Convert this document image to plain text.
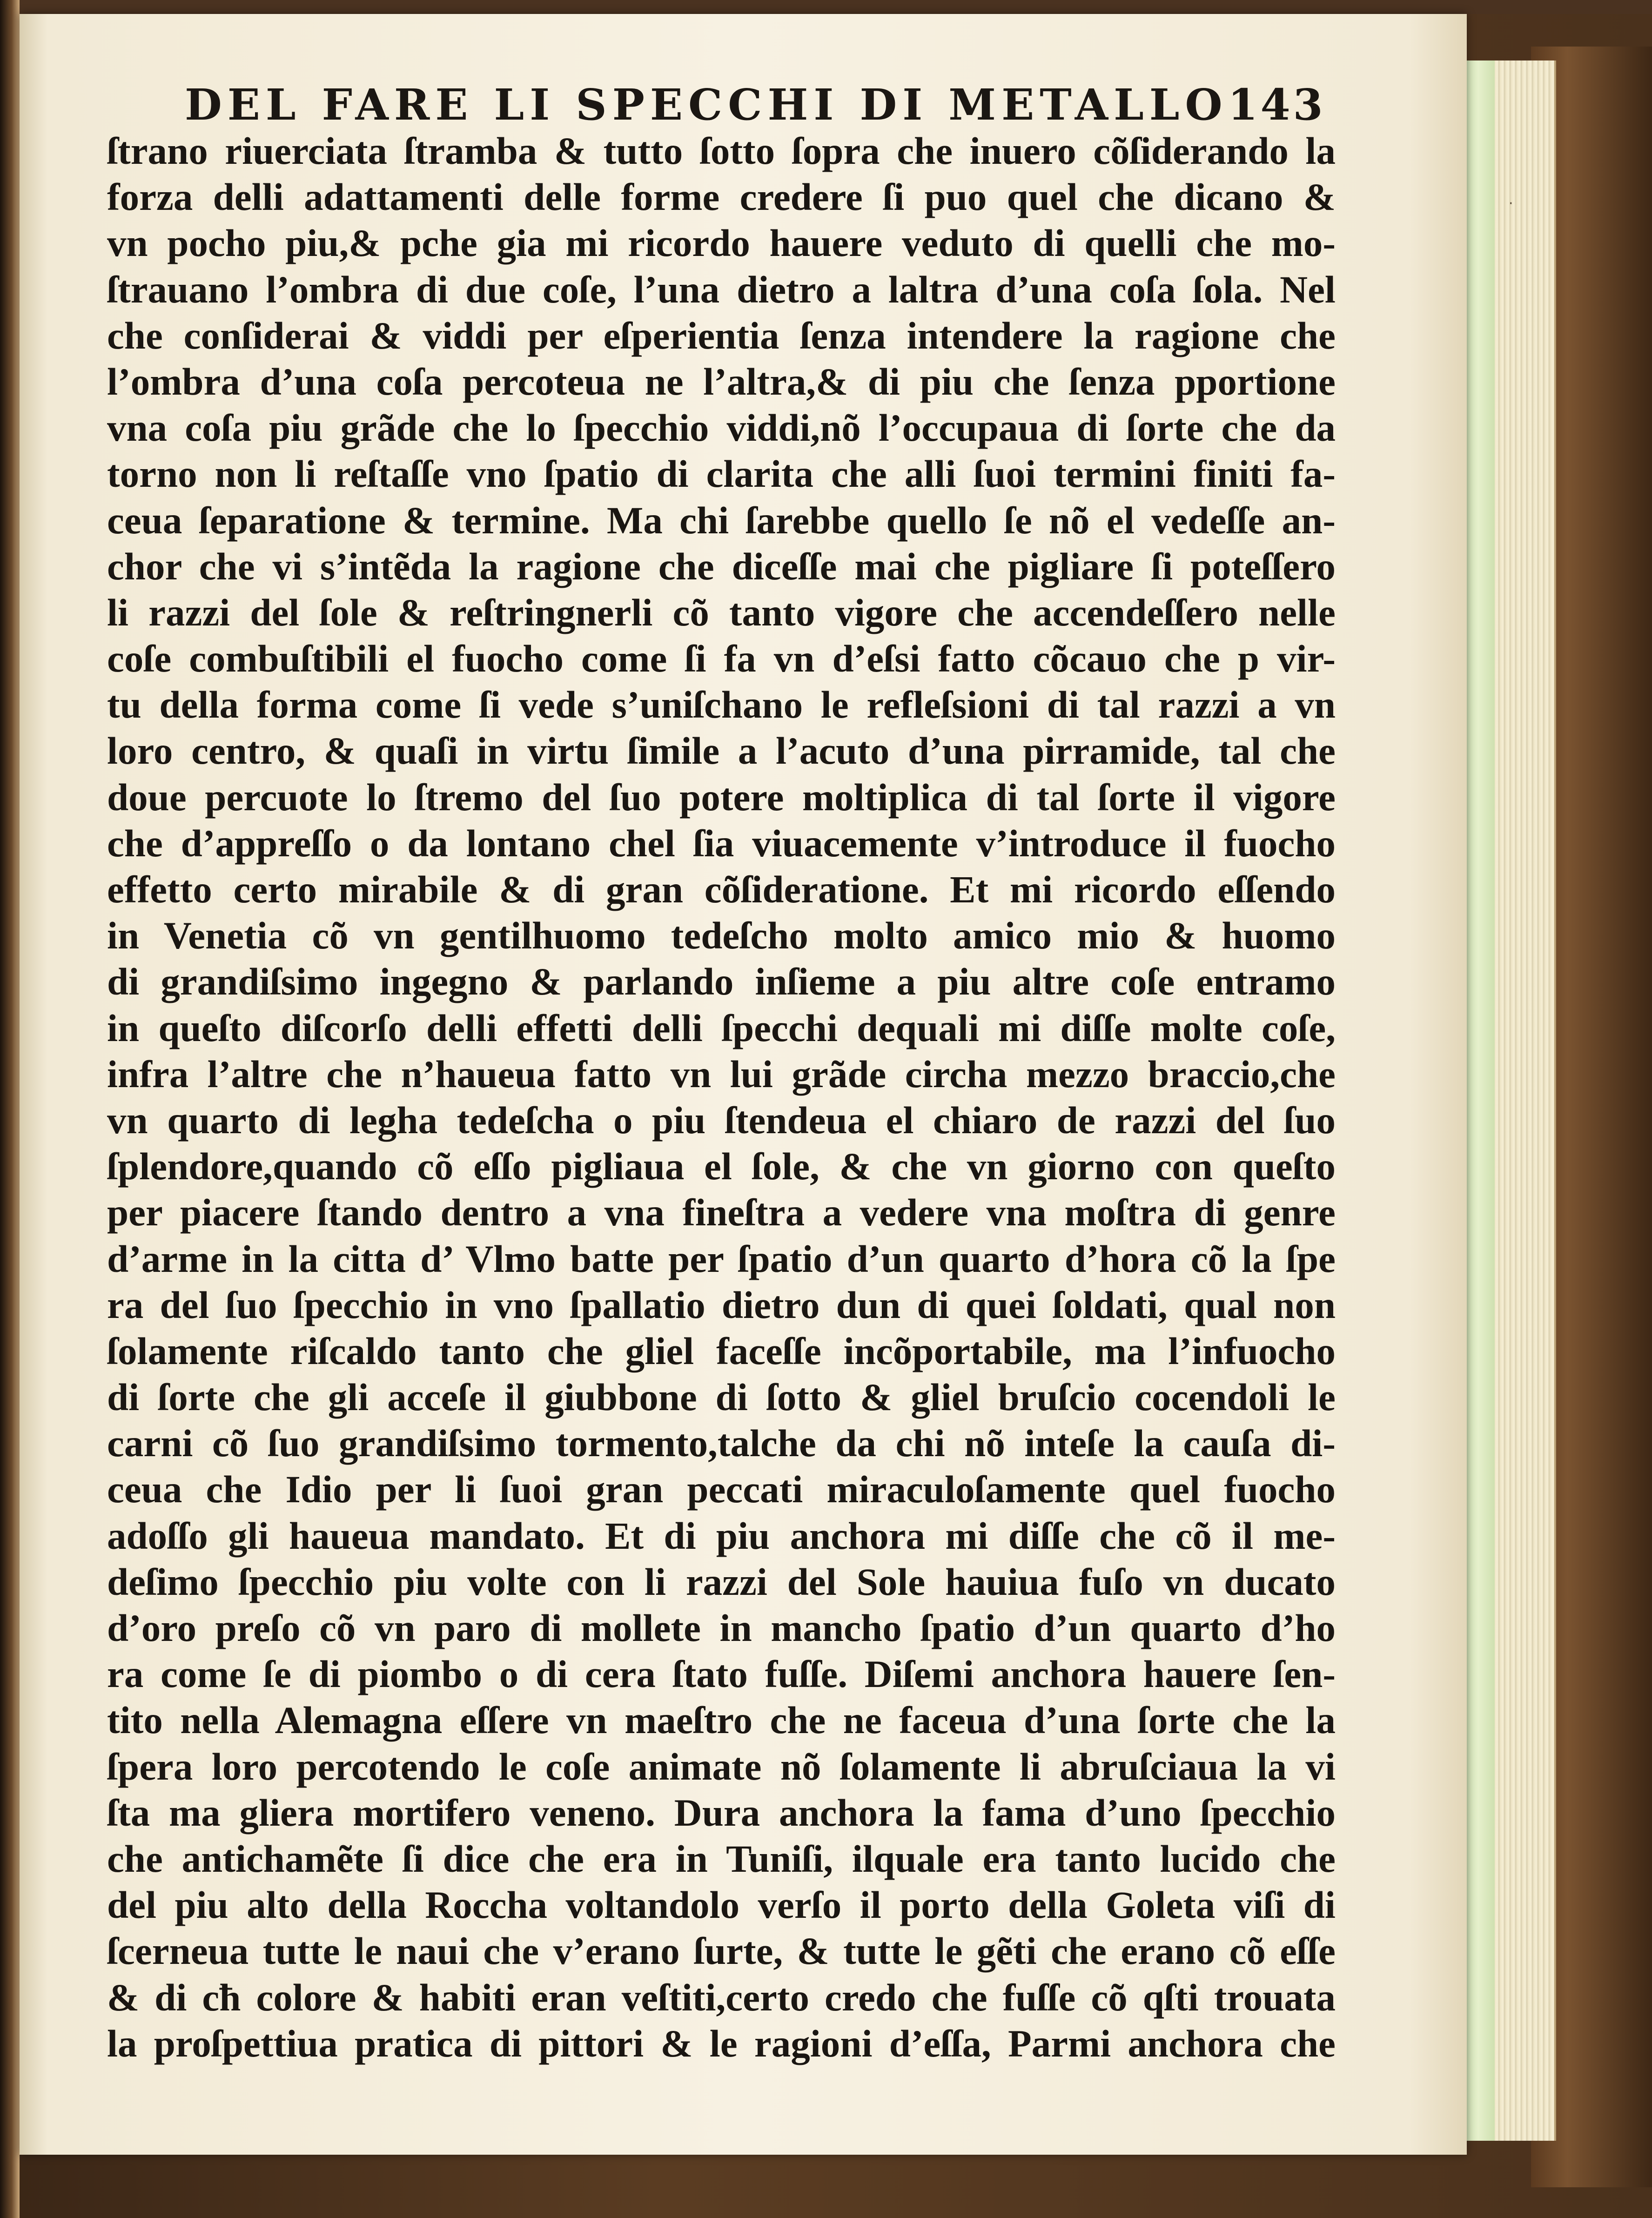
DEL FARE LI SPECCHI DI METALLO 143
ſtrano riuerciata ſtramba & tutto ſotto ſopra che inuero cõſiderando la
forza delli adattamenti delle forme credere ſi puo quel che dicano &
vn pocho piu,& pche gia mi ricordo hauere veduto di quelli che mo-
ſtrauano l’ombra di due coſe, l’una dietro a laltra d’una coſa ſola. Nel
che conſiderai & viddi per eſperientia ſenza intendere la ragione che
l’ombra d’una coſa percoteua ne l’altra,& di piu che ſenza pportione
vna coſa piu grãde che lo ſpecchio viddi,nõ l’occupaua di ſorte che da
torno non li reſtaſſe vno ſpatio di clarita che alli ſuoi termini finiti fa-
ceua ſeparatione & termine. Ma chi ſarebbe quello ſe nõ el vedeſſe an-
chor che vi s’intẽda la ragione che diceſſe mai che pigliare ſi poteſſero
li razzi del ſole & reſtringnerli cõ tanto vigore che accendeſſero nelle
coſe combuſtibili el fuocho come ſi fa vn d’eſsi fatto cõcauo che p vir-
tu della forma come ſi vede s’uniſchano le refleſsioni di tal razzi a vn
loro centro, & quaſi in virtu ſimile a l’acuto d’una pirramide, tal che
doue percuote lo ſtremo del ſuo potere moltiplica di tal ſorte il vigore
che d’appreſſo o da lontano chel ſia viuacemente v’introduce il fuocho
effetto certo mirabile & di gran cõſideratione. Et mi ricordo eſſendo
in Venetia cõ vn gentilhuomo tedeſcho molto amico mio & huomo
di grandiſsimo ingegno & parlando inſieme a piu altre coſe entramo
in queſto diſcorſo delli effetti delli ſpecchi dequali mi diſſe molte coſe,
infra l’altre che n’haueua fatto vn lui grãde circha mezzo braccio,che
vn quarto di legha tedeſcha o piu ſtendeua el chiaro de razzi del ſuo
ſplendore,quando cõ eſſo pigliaua el ſole, & che vn giorno con queſto
per piacere ſtando dentro a vna fineſtra a vedere vna moſtra di genre
d’arme in la citta d’ Vlmo batte per ſpatio d’un quarto d’hora cõ la ſpe
ra del ſuo ſpecchio in vno ſpallatio dietro dun di quei ſoldati, qual non
ſolamente riſcaldo tanto che gliel faceſſe incõportabile, ma l’infuocho
di ſorte che gli acceſe il giubbone di ſotto & gliel bruſcio cocendoli le
carni cõ ſuo grandiſsimo tormento,talche da chi nõ inteſe la cauſa di-
ceua che Idio per li ſuoi gran peccati miraculoſamente quel fuocho
adoſſo gli haueua mandato. Et di piu anchora mi diſſe che cõ il me-
deſimo ſpecchio piu volte con li razzi del Sole hauiua fuſo vn ducato
d’oro preſo cõ vn paro di mollete in mancho ſpatio d’un quarto d’ho
ra come ſe di piombo o di cera ſtato fuſſe. Diſemi anchora hauere ſen-
tito nella Alemagna eſſere vn maeſtro che ne faceua d’una ſorte che la
ſpera loro percotendo le coſe animate nõ ſolamente li abruſciaua la vi
ſta ma gliera mortifero veneno. Dura anchora la fama d’uno ſpecchio
che antichamẽte ſi dice che era in Tuniſi, ilquale era tanto lucido che
del piu alto della Roccha voltandolo verſo il porto della Goleta viſi di
ſcerneua tutte le naui che v’erano ſurte, & tutte le gẽti che erano cõ eſſe
& di cħ colore & habiti eran veſtiti,certo credo che fuſſe cõ qſti trouata
la proſpettiua pratica di pittori & le ragioni d’eſſa, Parmi anchora che
·
